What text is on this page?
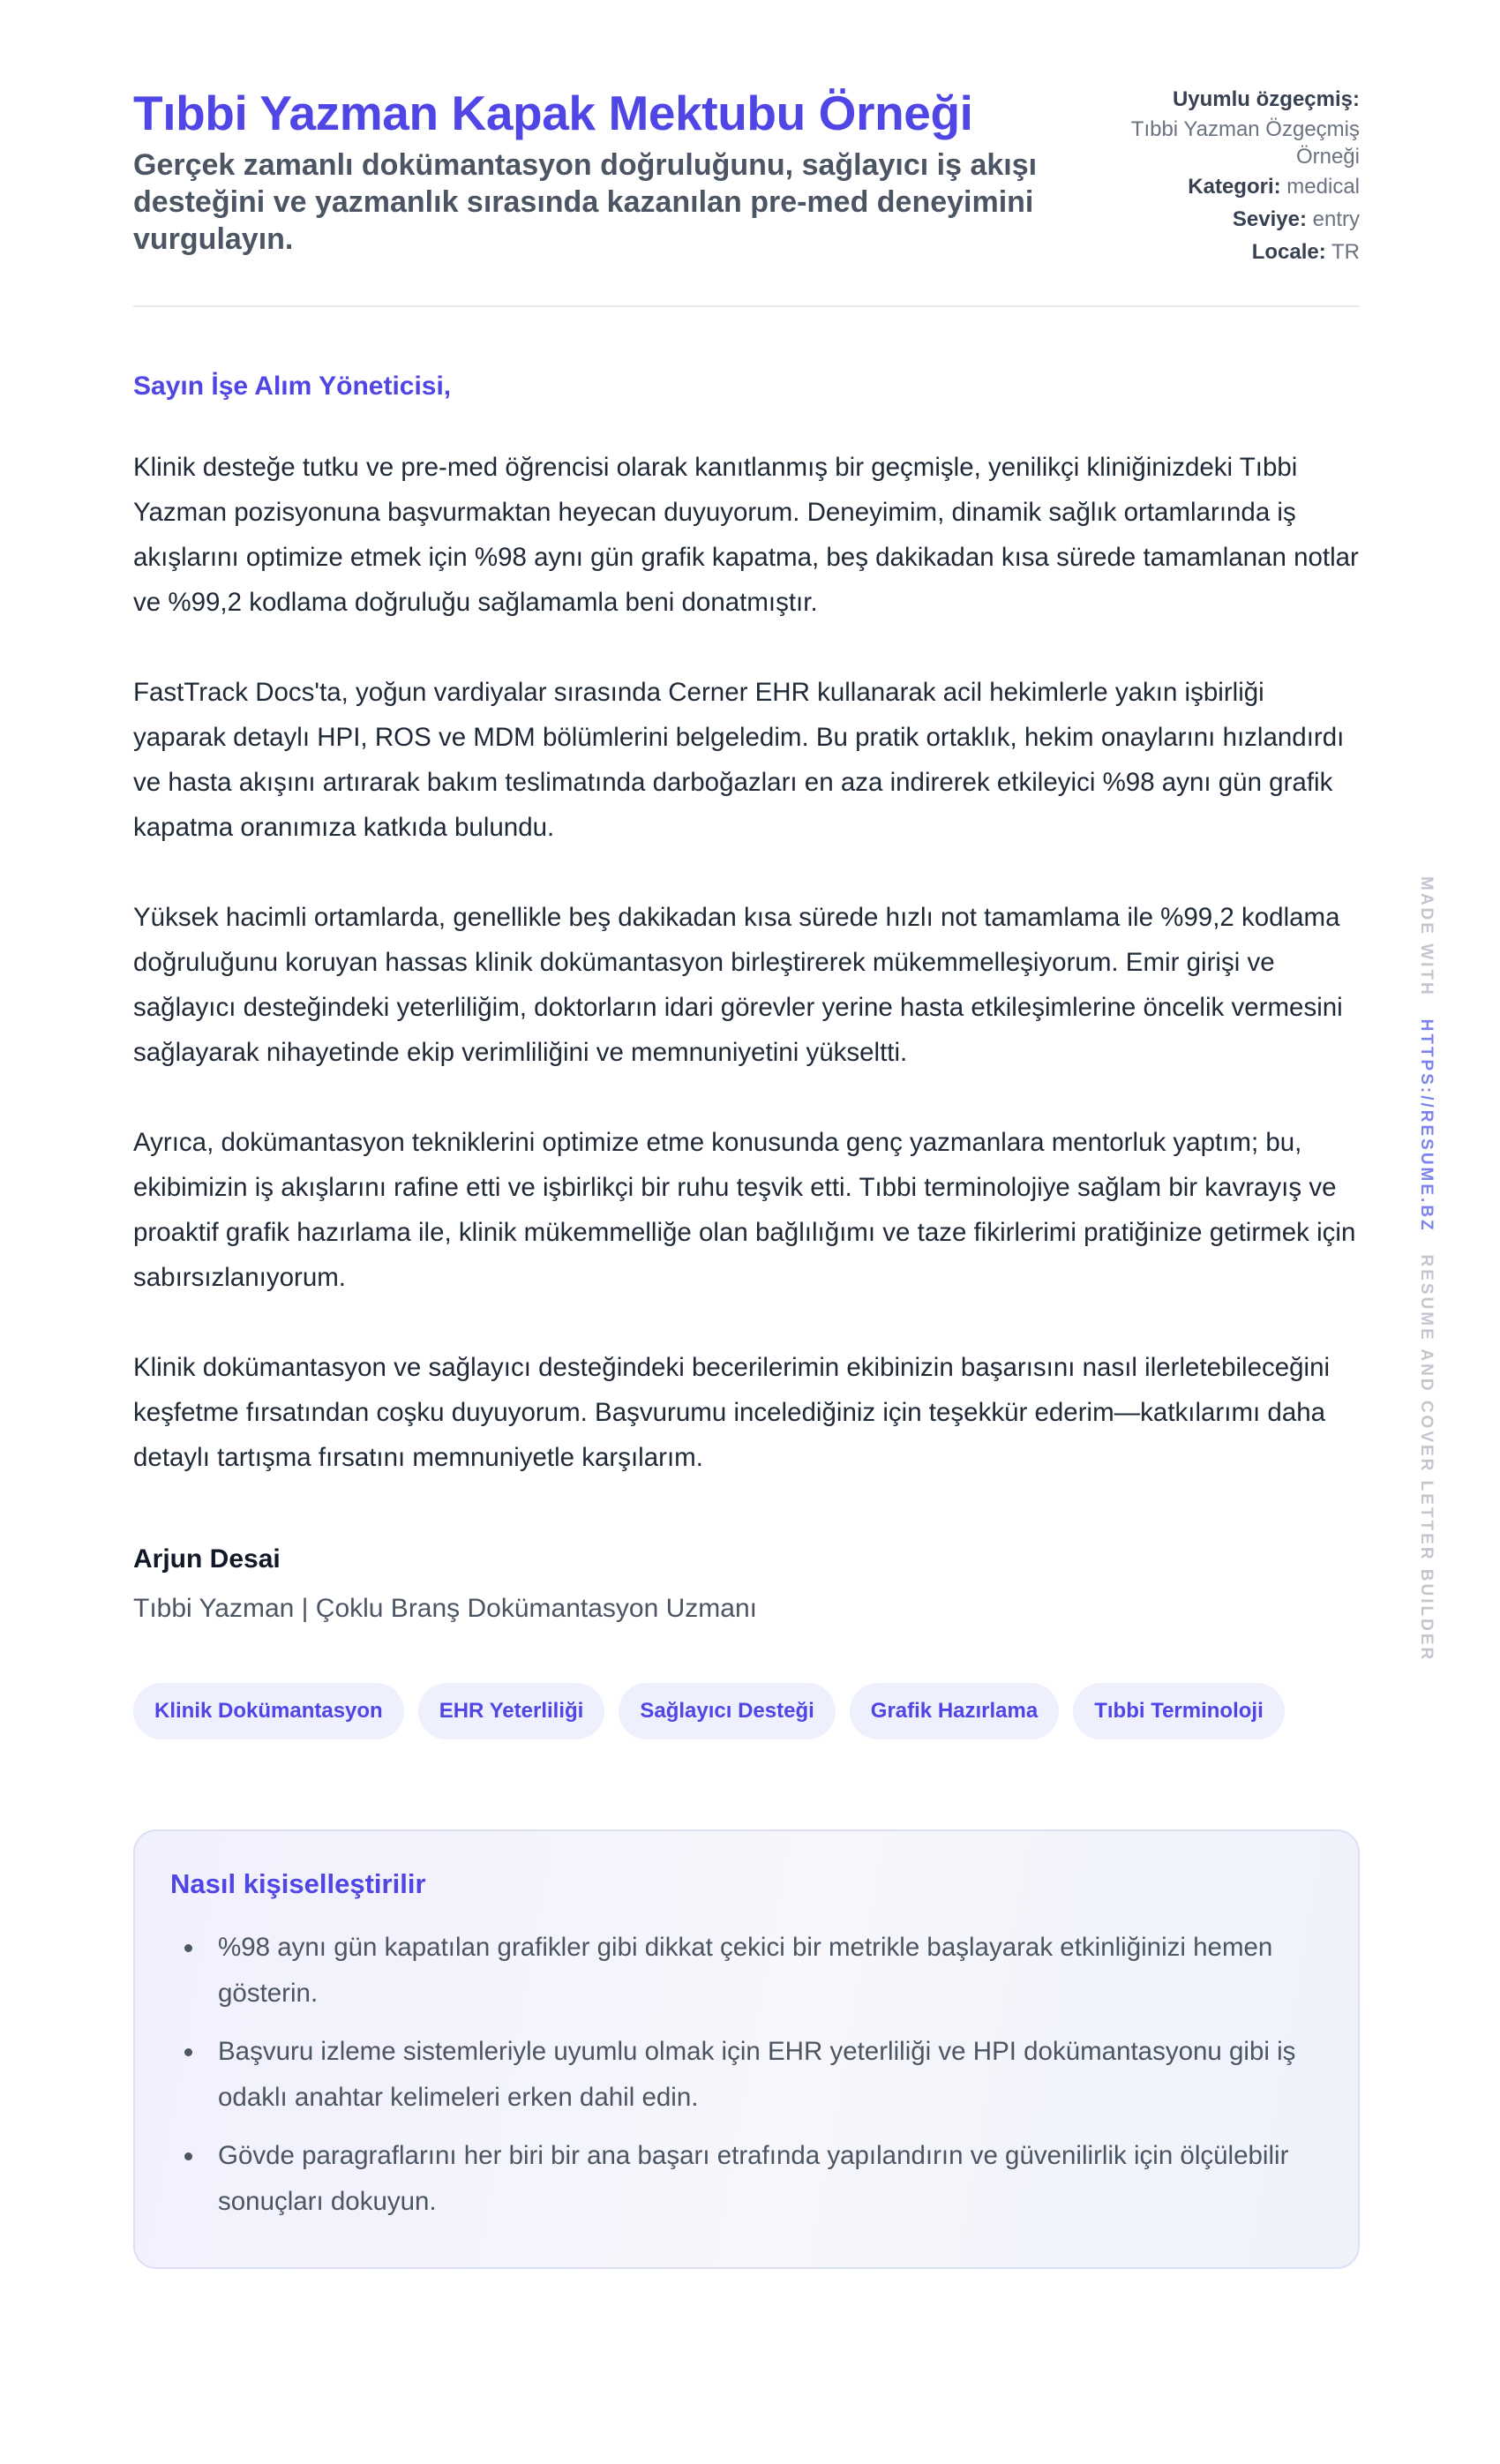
Tıbbi Yazman Kapak Mektubu Örneği

Gerçek zamanlı dokümantasyon doğruluğunu, sağlayıcı iş akışı desteğini ve yazmanlık sırasında kazanılan pre-med deneyimini vurgulayın.

Uyumlu özgeçmiş:

Tıbbi Yazman Özgeçmiş Örneği

Kategori: medical

Seviye: entry

Locale: TR

Sayın İşe Alım Yöneticisi,

Klinik desteğe tutku ve pre-med öğrencisi olarak kanıtlanmış bir geçmişle, yenilikçi kliniğinizdeki Tıbbi Yazman pozisyonuna başvurmaktan heyecan duyuyorum. Deneyimim, dinamik sağlık ortamlarında iş akışlarını optimize etmek için %98 aynı gün grafik kapatma, beş dakikadan kısa sürede tamamlanan notlar ve %99,2 kodlama doğruluğu sağlamamla beni donatmıştır.

FastTrack Docs'ta, yoğun vardiyalar sırasında Cerner EHR kullanarak acil hekimlerle yakın işbirliği yaparak detaylı HPI, ROS ve MDM bölümlerini belgeledim. Bu pratik ortaklık, hekim onaylarını hızlandırdı ve hasta akışını artırarak bakım teslimatında darboğazları en aza indirerek etkileyici %98 aynı gün grafik kapatma oranımıza katkıda bulundu.

Yüksek hacimli ortamlarda, genellikle beş dakikadan kısa sürede hızlı not tamamlama ile %99,2 kodlama doğruluğunu koruyan hassas klinik dokümantasyon birleştirerek mükemmelleşiyorum. Emir girişi ve sağlayıcı desteğindeki yeterliliğim, doktorların idari görevler yerine hasta etkileşimlerine öncelik vermesini sağlayarak nihayetinde ekip verimliliğini ve memnuniyetini yükseltti.

Ayrıca, dokümantasyon tekniklerini optimize etme konusunda genç yazmanlara mentorluk yaptım; bu, ekibimizin iş akışlarını rafine etti ve işbirlikçi bir ruhu teşvik etti. Tıbbi terminolojiye sağlam bir kavrayış ve proaktif grafik hazırlama ile, klinik mükemmelliğe olan bağlılığımı ve taze fikirlerimi pratiğinize getirmek için sabırsızlanıyorum.

Klinik dokümantasyon ve sağlayıcı desteğindeki becerilerimin ekibinizin başarısını nasıl ilerletebileceğini keşfetme fırsatından coşku duyuyorum. Başvurumu incelediğiniz için teşekkür ederim—katkılarımı daha detaylı tartışma fırsatını memnuniyetle karşılarım.

Arjun Desai
Tıbbi Yazman | Çoklu Branş Dokümantasyon Uzmanı
Klinik Dokümantasyon	EHR Yeterliliği	Sağlayıcı Desteği	Grafik Hazırlama	Tıbbi Terminoloji
Nasıl kişiselleştirilir
• %98 aynı gün kapatılan grafikler gibi dikkat çekici bir metrikle başlayarak etkinliğinizi hemen gösterin.
• Başvuru izleme sistemleriyle uyumlu olmak için EHR yeterliliği ve HPI dokümantasyonu gibi iş odaklı anahtar kelimeleri erken dahil edin.
• Gövde paragraflarını her biri bir ana başarı etrafında yapılandırın ve güvenilirlik için ölçülebilir sonuçları dokuyun.
MADE WITH   HTTPS://RESUME.BZ   RESUME AND COVER LETTER BUILDER
